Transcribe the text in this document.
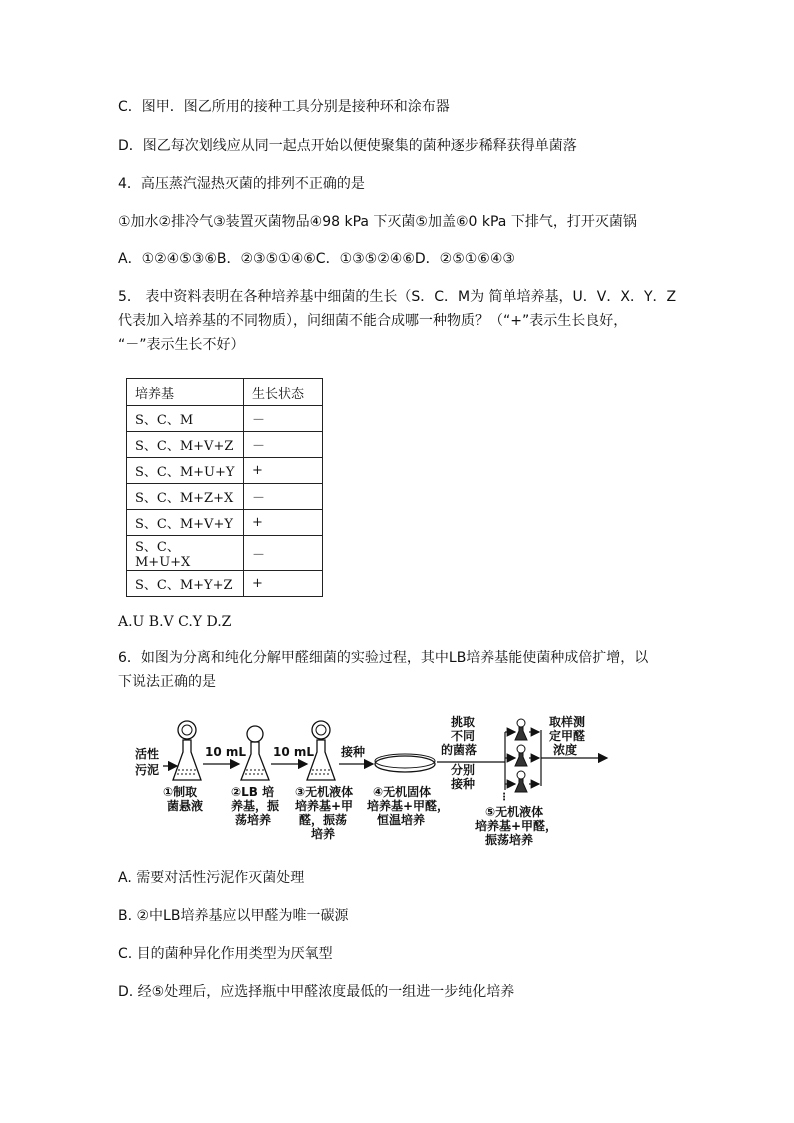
C．图甲．图乙所用的接种工具分别是接种环和涂布器
D．图乙每次划线应从同一起点开始以便使聚集的菌种逐步稀释获得单菌落
4．高压蒸汽湿热灭菌的排列不正确的是
①加水②排冷气③装置灭菌物品④98 kPa 下灭菌⑤加盖⑥0 kPa 下排气，打开灭菌锅
A．①②④⑤③⑥B．②③⑤①④⑥C．①③⑤②④⑥D．②⑤①⑥④③
5． 表中资料表明在各种培养基中细菌的生长（S．C．M为 简单培养基，U．V．X．Y．Z
代表加入培养基的不同物质），问细菌不能合成哪一种物质？（“+”表示生长良好，
“－”表示生长不好）
培养基	生长状态
S、C、M	－
S、C、M+V+Z	－
S、C、M+U+Y	+
S、C、M+Z+X	－
S、C、M+V+Y	+
S、C、M+U+X	－
S、C、M+Y+Z	+
A.U B.V C.Y D.Z
6．如图为分离和纯化分解甲醛细菌的实验过程，其中LB培养基能使菌种成倍扩增，以
下说法正确的是
活性
污泥
10 mL 10 mL 接种
挑取
不同
的菌落
分别
接种
⋮
取样测
定甲醛
浓度
①制取
菌悬液
②LB 培
养基，振
荡培养
③无机液体
培养基+甲
醛，振荡
培养
④无机固体
培养基+甲醛，
恒温培养
⑤无机液体
培养基+甲醛，
振荡培养
A. 需要对活性污泥作灭菌处理
B. ②中LB培养基应以甲醛为唯一碳源
C. 目的菌种异化作用类型为厌氧型
D. 经⑤处理后，应选择瓶中甲醛浓度最低的一组进一步纯化培养
